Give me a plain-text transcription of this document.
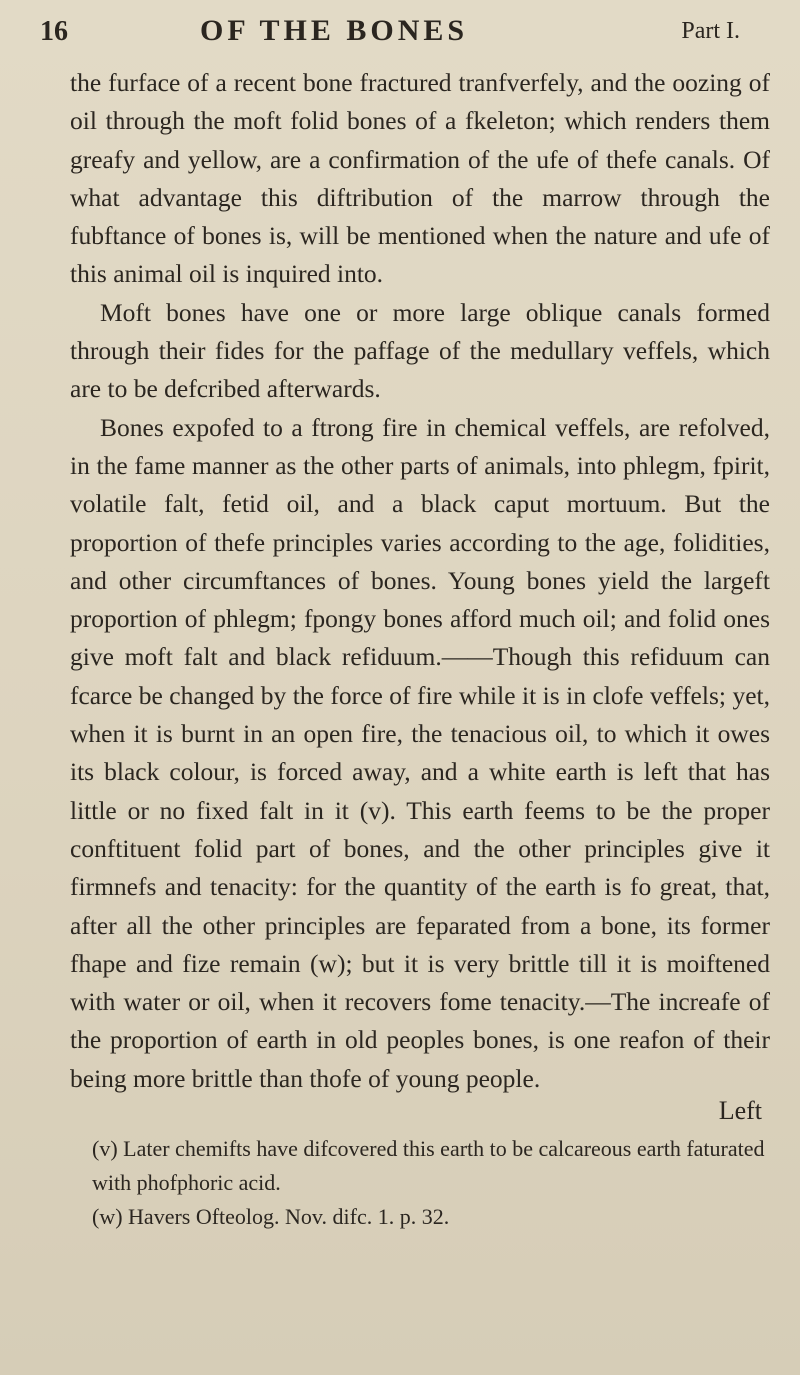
16	OF THE BONES	Part I.

the furface of a recent bone fractured tranfverfely, and the oozing of oil through the moft folid bones of a fkeleton; which renders them greafy and yellow, are a confirmation of the ufe of thefe canals. Of what advantage this diftribution of the marrow through the fubftance of bones is, will be mentioned when the nature and ufe of this animal oil is inquired into.

Moft bones have one or more large oblique canals formed through their fides for the paffage of the medullary veffels, which are to be defcribed afterwards.

Bones expofed to a ftrong fire in chemical veffels, are refolved, in the fame manner as the other parts of animals, into phlegm, fpirit, volatile falt, fetid oil, and a black caput mortuum. But the proportion of thefe principles varies according to the age, folidities, and other circumftances of bones. Young bones yield the largeft proportion of phlegm; fpongy bones afford much oil; and folid ones give moft falt and black refiduum.——Though this refiduum can fcarce be changed by the force of fire while it is in clofe veffels; yet, when it is burnt in an open fire, the tenacious oil, to which it owes its black colour, is forced away, and a white earth is left that has little or no fixed falt in it (v). This earth feems to be the proper conftituent folid part of bones, and the other principles give it firmnefs and tenacity: for the quantity of the earth is fo great, that, after all the other principles are feparated from a bone, its former fhape and fize remain (w); but it is very brittle till it is moiftened with water or oil, when it recovers fome tenacity.—The increafe of the proportion of earth in old peoples bones, is one reafon of their being more brittle than thofe of young people.

Left

(v) Later chemifts have difcovered this earth to be calcareous earth faturated with phofphoric acid.

(w) Havers Ofteolog. Nov. difc. 1. p. 32.
